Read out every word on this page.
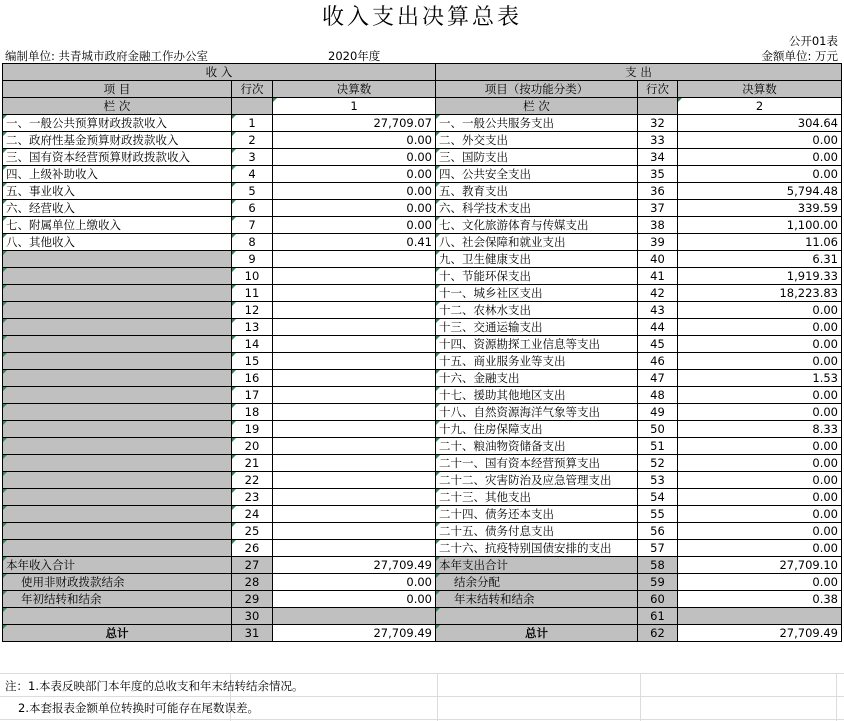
收入支出决算总表
公开01表
编制单位: 共青城市政府金融工作办公室	2020年度	金额单位: 万元
收 入			支 出		
项 目	行次	决算数	项目（按功能分类）	行次	决算数
栏 次		1	栏 次		2
一、一般公共预算财政拨款收入	1	27,709.07	一、一般公共服务支出	32	304.64
二、政府性基金预算财政拨款收入	2	0.00	二、外交支出	33	0.00
三、国有资本经营预算财政拨款收入	3	0.00	三、国防支出	34	0.00
四、上级补助收入	4	0.00	四、公共安全支出	35	0.00
五、事业收入	5	0.00	五、教育支出	36	5,794.48
六、经营收入	6	0.00	六、科学技术支出	37	339.59
七、附属单位上缴收入	7	0.00	七、文化旅游体育与传媒支出	38	1,100.00
八、其他收入	8	0.41	八、社会保障和就业支出	39	11.06
	9		九、卫生健康支出	40	6.31
	10		十、节能环保支出	41	1,919.33
	11		十一、城乡社区支出	42	18,223.83
	12		十二、农林水支出	43	0.00
	13		十三、交通运输支出	44	0.00
	14		十四、资源勘探工业信息等支出	45	0.00
	15		十五、商业服务业等支出	46	0.00
	16		十六、金融支出	47	1.53
	17		十七、援助其他地区支出	48	0.00
	18		十八、自然资源海洋气象等支出	49	0.00
	19		十九、住房保障支出	50	8.33
	20		二十、粮油物资储备支出	51	0.00
	21		二十一、国有资本经营预算支出	52	0.00
	22		二十二、灾害防治及应急管理支出	53	0.00
	23		二十三、其他支出	54	0.00
	24		二十四、债务还本支出	55	0.00
	25		二十五、债务付息支出	56	0.00
	26		二十六、抗疫特别国债安排的支出	57	0.00
本年收入合计	27	27,709.49	本年支出合计	58	27,709.10
使用非财政拨款结余	28	0.00	结余分配	59	0.00
年初结转和结余	29	0.00	年末结转和结余	60	0.38
	30			61	
总计	31	27,709.49	总计	62	27,709.49
注：1.本表反映部门本年度的总收支和年末结转结余情况。
2.本套报表金额单位转换时可能存在尾数误差。
